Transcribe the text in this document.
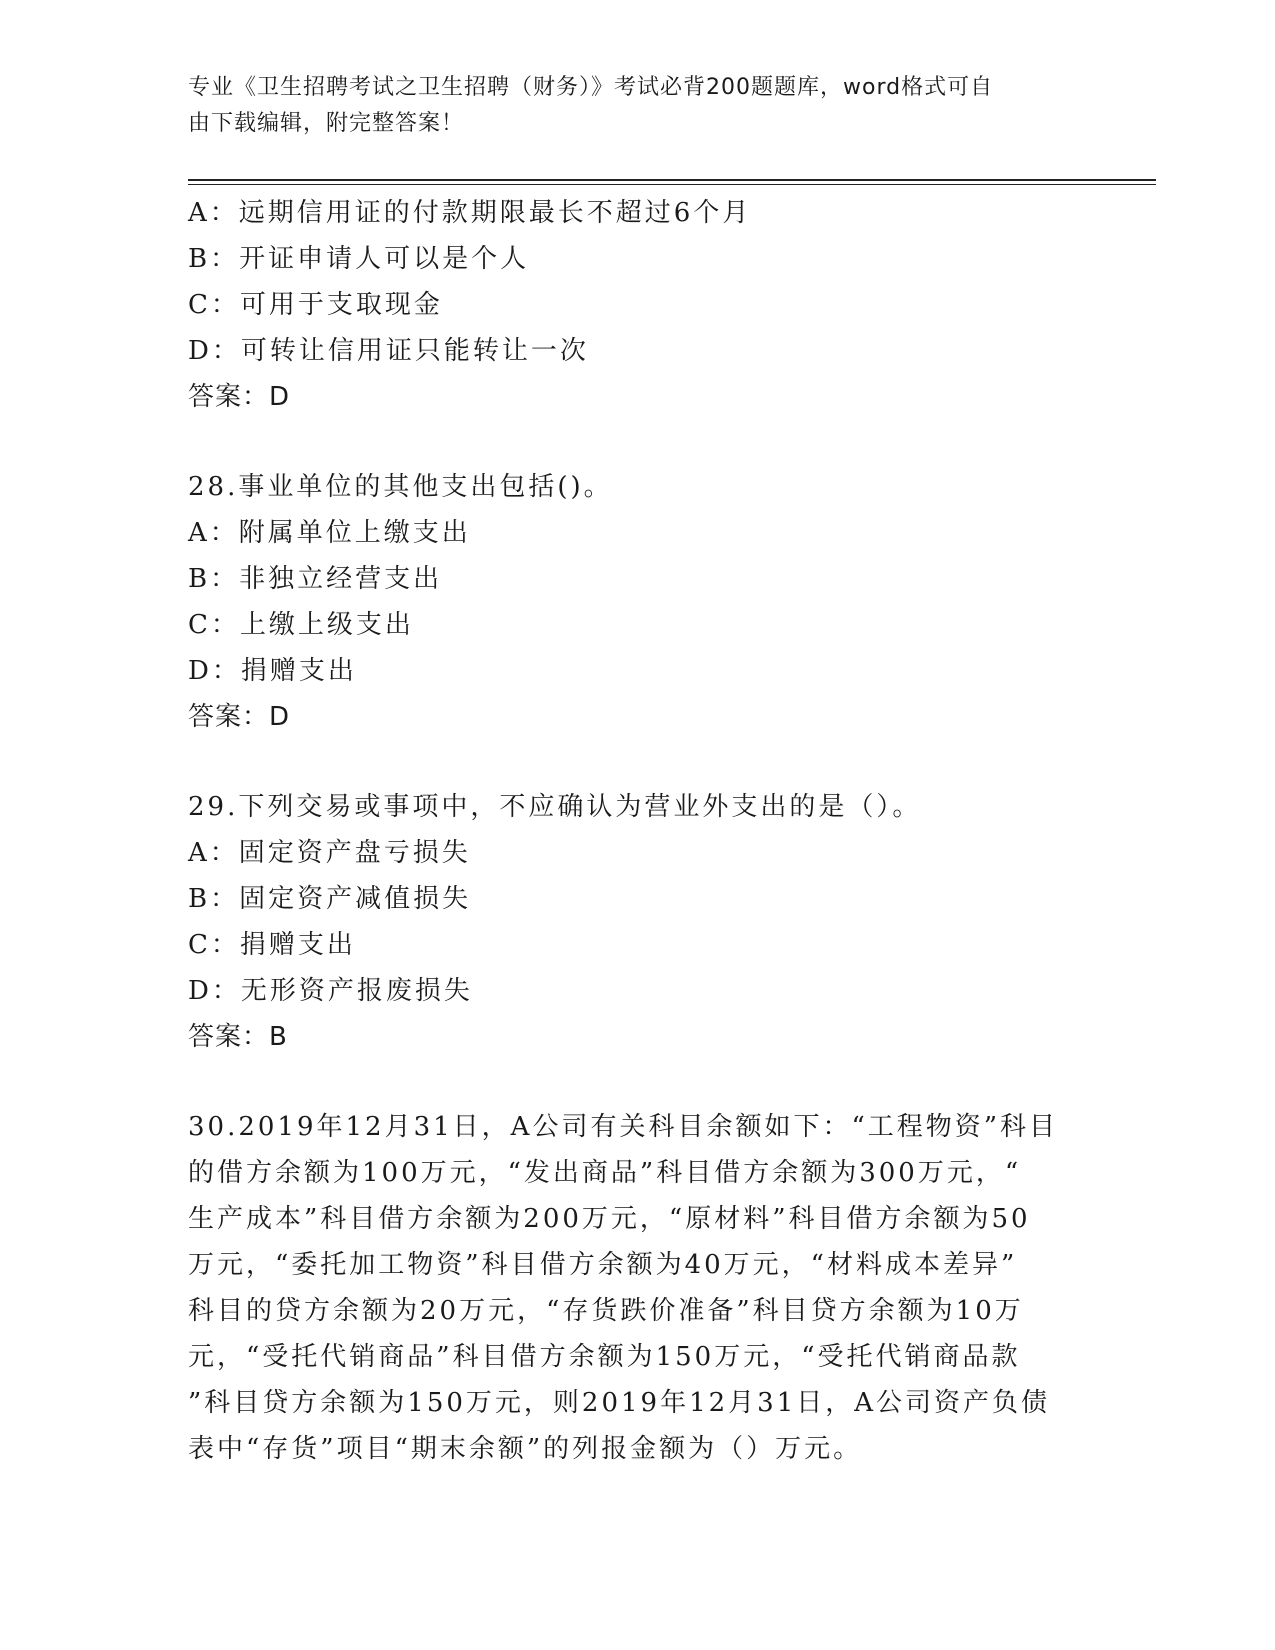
专业《卫生招聘考试之卫生招聘（财务）》考试必背200题题库，word格式可自
由下载编辑，附完整答案！
A：远期信用证的付款期限最长不超过6个月
B：开证申请人可以是个人
C：可用于支取现金
D：可转让信用证只能转让一次
答案：D
28.事业单位的其他支出包括()。
A：附属单位上缴支出
B：非独立经营支出
C：上缴上级支出
D：捐赠支出
答案：D
29.下列交易或事项中，不应确认为营业外支出的是（）。
A：固定资产盘亏损失
B：固定资产减值损失
C：捐赠支出
D：无形资产报废损失
答案：B
30.2019年12月31日，A公司有关科目余额如下：“工程物资”科目
的借方余额为100万元，“发出商品”科目借方余额为300万元，“
生产成本”科目借方余额为200万元，“原材料”科目借方余额为50
万元，“委托加工物资”科目借方余额为40万元，“材料成本差异”
科目的贷方余额为20万元，“存货跌价准备”科目贷方余额为10万
元，“受托代销商品”科目借方余额为150万元，“受托代销商品款
”科目贷方余额为150万元，则2019年12月31日，A公司资产负债
表中“存货”项目“期末余额”的列报金额为（）万元。
